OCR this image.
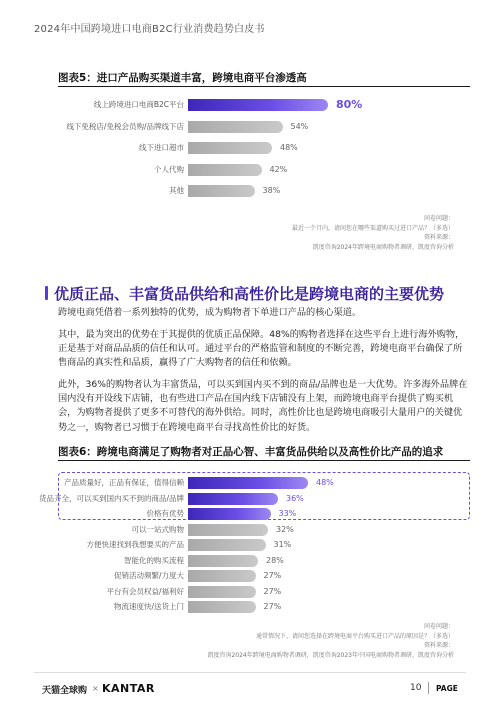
2024年中国跨境进口电商B2C行业消费趋势白皮书
图表5：进口产品购买渠道丰富，跨境电商平台渗透高
线上跨境进口电商B2C平台	80%
线下免税店/免税会员购/品牌线下店	54%
线下进口超市	48%
个人代购	42%
其他	38%
问卷问题：
最近一个月内，请问您在哪些渠道购买过进口产品？（多选）
资料来源：
凯度咨询2024年跨境电商购物者调研，凯度咨询分析
优质正品、丰富货品供给和高性价比是跨境电商的主要优势
跨境电商凭借着一系列独特的优势，成为购物者下单进口产品的核心渠道。
其中，最为突出的优势在于其提供的优质正品保障。48%的购物者选择在这些平台上进行海外购物，正是基于对商品品质的信任和认可。通过平台的严格监管和制度的不断完善，跨境电商平台确保了所售商品的真实性和品质，赢得了广大购物者的信任和依赖。
此外，36%的购物者认为丰富货品，可以买到国内买不到的商品/品牌也是一大优势。许多海外品牌在国内没有开设线下店铺，也有些进口产品在国内线下店铺没有上架，而跨境电商平台提供了购买机会，为购物者提供了更多不可替代的海外供给。同时，高性价比也是跨境电商吸引大量用户的关键优势之一，购物者已习惯于在跨境电商平台寻找高性价比的好货。
图表6：跨境电商满足了购物者对正品心智、丰富货品供给以及高性价比产品的追求
产品质量好，正品有保证，值得信赖	48%
货品齐全，可以买到国内买不到的商品/品牌	36%
价格有优势	33%
可以一站式购物	32%
方便快速找到我想要买的产品	31%
智能化的购买流程	28%
促销活动频繁/力度大	27%
平台有会员权益/福利好	27%
物流速度快/送货上门	27%
问卷问题：
通常情况下，请问您选择在跨境电商平台购买进口产品的原因是？（多选）
资料来源：
凯度咨询2024年跨境电商购物者调研，凯度咨询2023年中国电商购物者调研，凯度咨询分析
天猫全球购 × KANTAR	10 PAGE
